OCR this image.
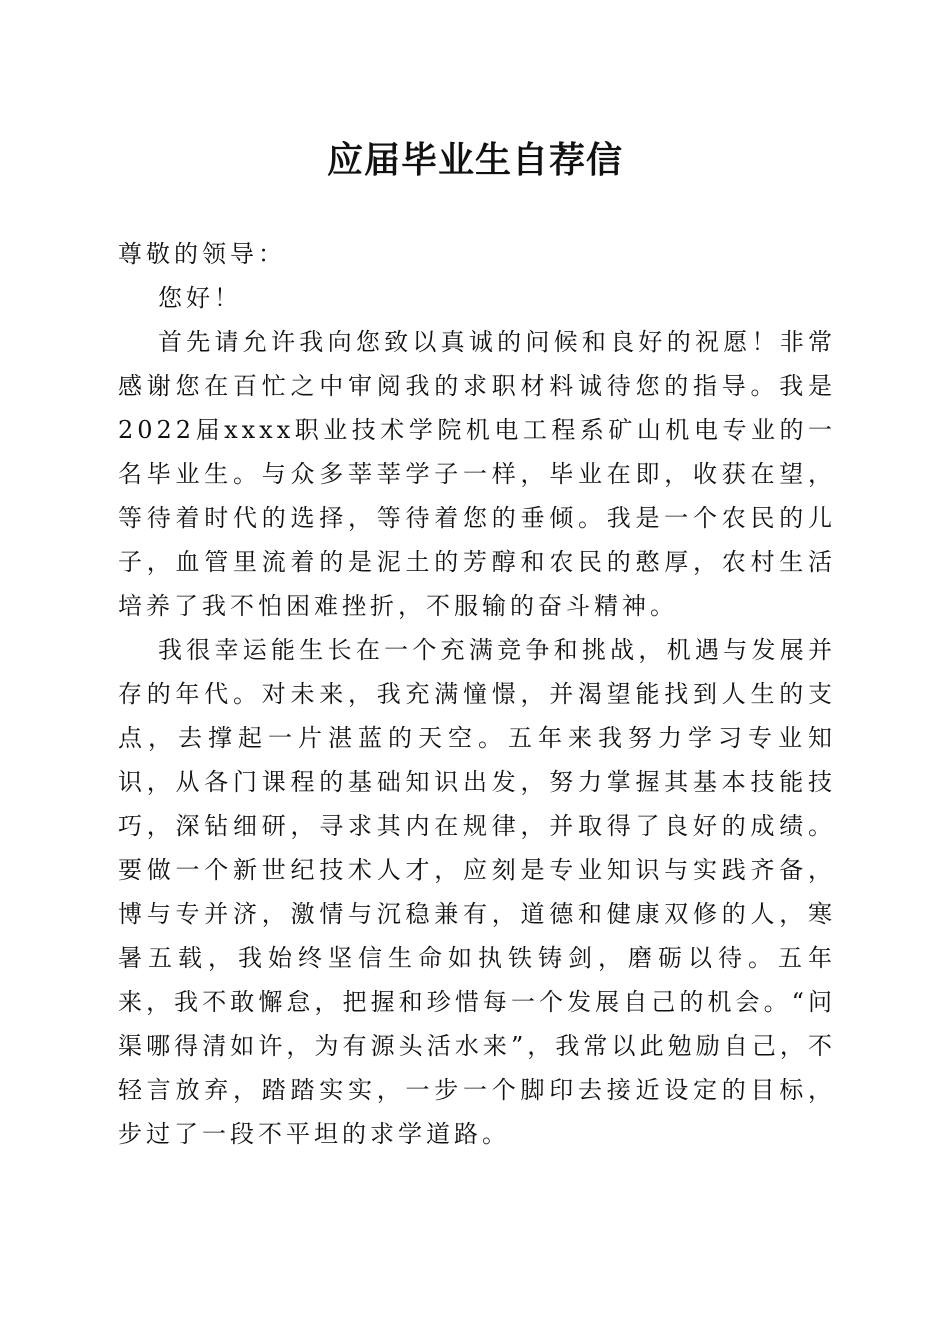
应届毕业生自荐信

尊敬的领导：

您好！

首先请允许我向您致以真诚的问候和良好的祝愿！非常感谢您在百忙之中审阅我的求职材料诚待您的指导。我是2022届xxxx职业技术学院机电工程系矿山机电专业的一名毕业生。与众多莘莘学子一样，毕业在即，收获在望，等待着时代的选择，等待着您的垂倾。我是一个农民的儿子，血管里流着的是泥土的芳醇和农民的憨厚，农村生活培养了我不怕困难挫折，不服输的奋斗精神。

我很幸运能生长在一个充满竞争和挑战，机遇与发展并存的年代。对未来，我充满憧憬，并渴望能找到人生的支点，去撑起一片湛蓝的天空。五年来我努力学习专业知识，从各门课程的基础知识出发，努力掌握其基本技能技巧，深钻细研，寻求其内在规律，并取得了良好的成绩。要做一个新世纪技术人才，应刻是专业知识与实践齐备，博与专并济，激情与沉稳兼有，道德和健康双修的人，寒暑五载，我始终坚信生命如执铁铸剑，磨砺以待。五年来，我不敢懈怠，把握和珍惜每一个发展自己的机会。“问渠哪得清如许，为有源头活水来”，我常以此勉励自己，不轻言放弃，踏踏实实，一步一个脚印去接近设定的目标，步过了一段不平坦的求学道路。
